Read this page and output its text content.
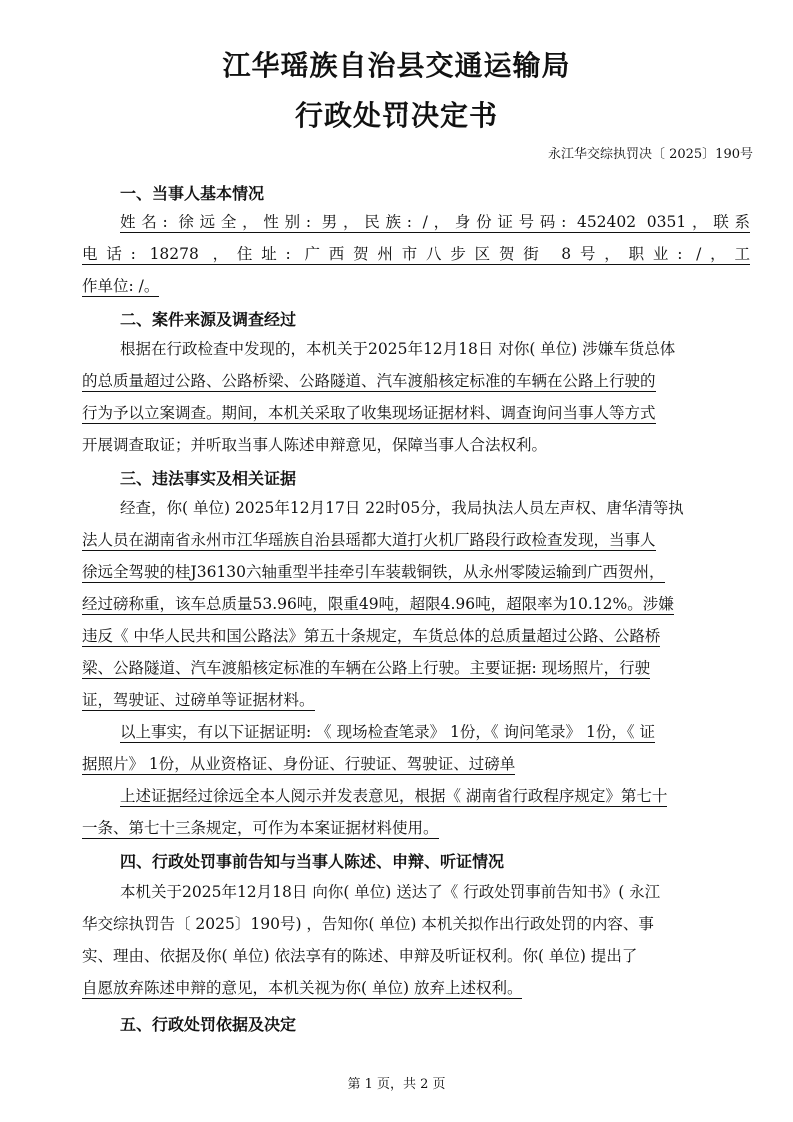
江华瑶族自治县交通运输局
行政处罚决定书
永江华交综执罚决〔 2025〕190号
一、当事人基本情况
姓名: 徐远全，性别: 男，民族: /，身份证号码: 452402 0351，联系
电话: 18278 ，住址: 广西贺州市八步区贺街 8号，职业: /，工
作单位: /。
二、案件来源及调查经过
根据在行政检查中发现的，本机关于2025年12月18日 对你( 单位) 涉嫌车货总体
的总质量超过公路、公路桥梁、公路隧道、汽车渡船核定标准的车辆在公路上行驶的
行为予以立案调查。期间，本机关采取了收集现场证据材料、调查询问当事人等方式
开展调查取证；并听取当事人陈述申辩意见，保障当事人合法权利。
三、违法事实及相关证据
经查，你( 单位) 2025年12月17日 22时05分，我局执法人员左声权、唐华清等执
法人员在湖南省永州市江华瑶族自治县瑶都大道打火机厂路段行政检查发现，当事人
徐远全驾驶的桂J36130六轴重型半挂牵引车装载铜铁，从永州零陵运输到广西贺州，
经过磅称重，该车总质量53.96吨，限重49吨，超限4.96吨，超限率为10.12%。涉嫌
违反《 中华人民共和国公路法》第五十条规定，车货总体的总质量超过公路、公路桥
梁、公路隧道、汽车渡船核定标准的车辆在公路上行驶。主要证据: 现场照片，行驶
证，驾驶证、过磅单等证据材料。
以上事实，有以下证据证明: 《 现场检查笔录》 1份，《 询问笔录》 1份，《 证
据照片》 1份，从业资格证、身份证、行驶证、驾驶证、过磅单
上述证据经过徐远全本人阅示并发表意见，根据《 湖南省行政程序规定》第七十
一条、第七十三条规定，可作为本案证据材料使用。
四、行政处罚事前告知与当事人陈述、申辩、听证情况
本机关于2025年12月18日 向你( 单位) 送达了《 行政处罚事前告知书》( 永江
华交综执罚告〔 2025〕190号) ，告知你( 单位) 本机关拟作出行政处罚的内容、事
实、理由、依据及你( 单位) 依法享有的陈述、申辩及听证权利。你( 单位) 提出了
自愿放弃陈述申辩的意见，本机关视为你( 单位) 放弃上述权利。
五、行政处罚依据及决定
第 1 页，共 2 页
